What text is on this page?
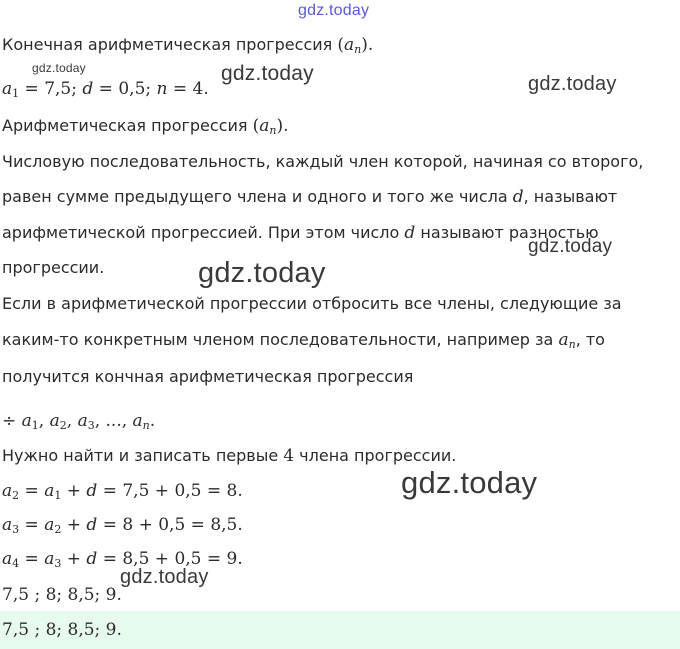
gdz.today
gdz.today	gdz.today	gdz.today
gdz.today
gdz.today
gdz.today
gdz.today
Конечная арифметическая прогрессия $(a_n)$.
$a_1 = 7,5$; d = 0,5; n = 4.
Арифметическая прогрессия $(a_n)$.
Числовую последовательность, каждый член которой, начиная со второго,
равен сумме предыдущего члена и одного и того же числа d, называют
арифметической прогрессией. При этом число d называют разностью
прогрессии.
Если в арифметической прогрессии отбросить все члены, следующие за
каким-то конкретным членом последовательности, например за $a_n$, то
получится кончная арифметическая прогрессия
÷ $a_1$, $a_2$, $a_3$, ..., $a_n$.
Нужно найти и записать первые 4 члена прогрессии.
$a_2 = a_1 + d = 7,5 + 0,5 = 8$.
$a_3 = a_2 + d = 8 + 0,5 = 8,5$.
$a_4 = a_3 + d = 8,5 + 0,5 = 9$.
7,5 ; 8; 8,5; 9.
7,5 ; 8; 8,5; 9.
